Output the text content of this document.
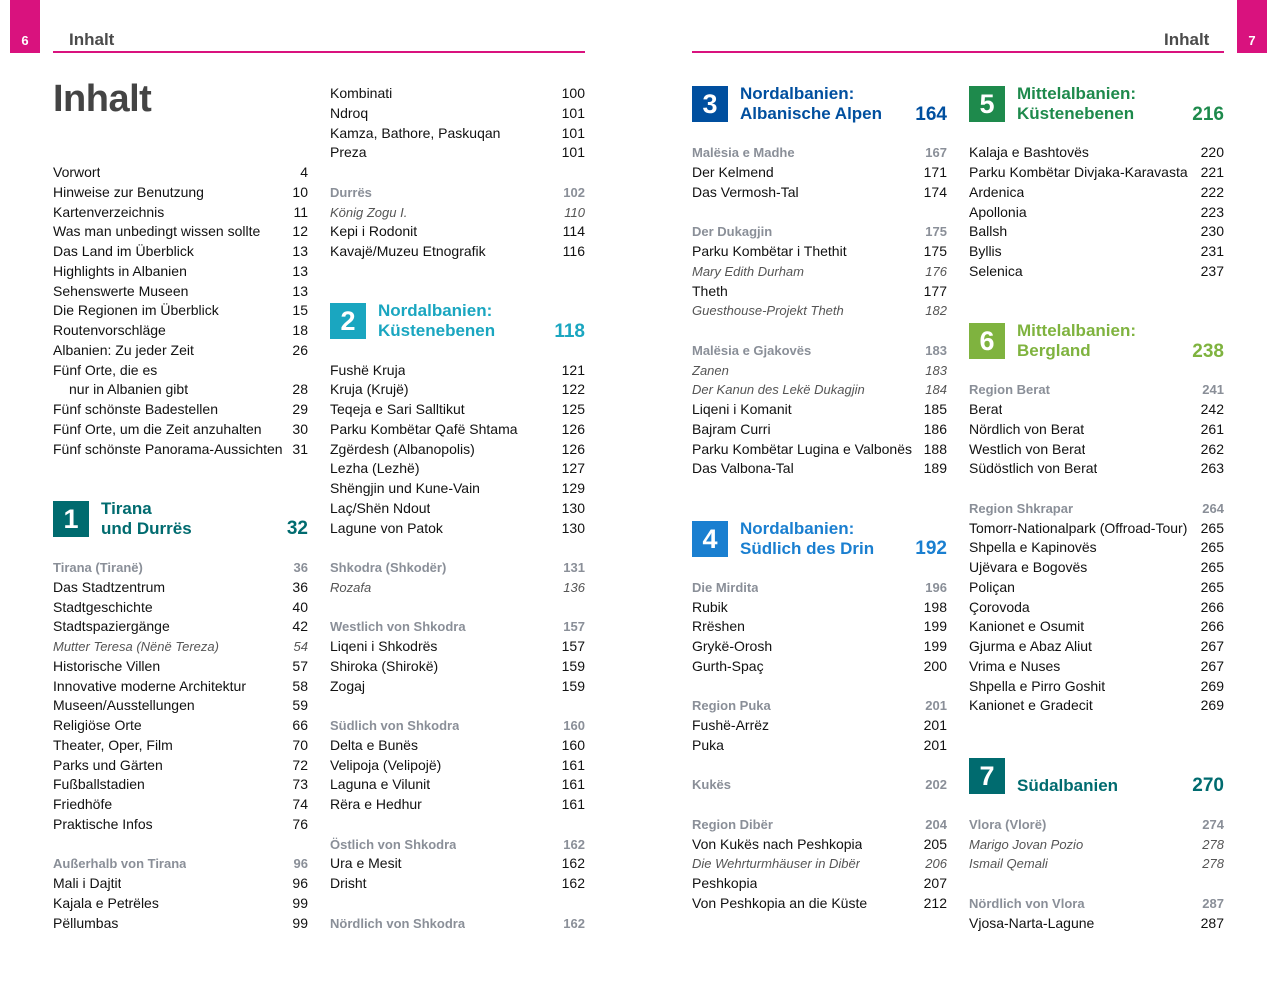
6	Inhalt	7
Inhalt
Inhalt
Vorwort	4
Hinweise zur Benutzung	10
Kartenverzeichnis	11
Was man unbedingt wissen sollte 12
Das Land im Überblick	13
Highlights in Albanien	13
Sehenswerte Museen	13
Die Regionen im Überblick	15
Routenvorschläge	18
Albanien: Zu jeder Zeit	26
Fünf Orte, die es
nur in Albanien gibt	28
Fünf schönste Badestellen	29
Fünf Orte, um die Zeit anzuhalten 30
Fünf schönste Panorama-Aussichten 31
1	Tirana
und Durrës	32
Tirana (Tiranë)	36
Das Stadtzentrum	36
Stadtgeschichte	40
Stadtspaziergänge	42
Mutter Teresa (Nënë Tereza)	54
Historische Villen	57
Innovative moderne Architektur	58
Museen/Ausstellungen	59
Religiöse Orte	66
Theater, Oper, Film	70
Parks und Gärten	72
Fußballstadien	73
Friedhöfe	74
Praktische Infos	76
Außerhalb von Tirana	96
Mali i Dajtit	96
Kajala e Petrëles	99
Pëllumbas	99
Kombinati	100
Ndroq	101
Kamza, Bathore, Paskuqan	101
Preza	101
Durrës	102
König Zogu I.	110
Kepi i Rodonit	114
Kavajë/Muzeu Etnografik	116
2	Nordalbanien:
Küstenebenen	118
Fushë Kruja	121
Kruja (Krujë)	122
Teqeja e Sari Salltikut	125
Parku Kombëtar Qafë Shtama	126
Zgërdesh (Albanopolis)	126
Lezha (Lezhë)	127
Shëngjin und Kune-Vain	129
Laç/Shën Ndout	130
Lagune von Patok	130
Shkodra (Shkodër)	131
Rozafa	136
Westlich von Shkodra	157
Liqeni i Shkodrës	157
Shiroka (Shirokë)	159
Zogaj	159
Südlich von Shkodra	160
Delta e Bunës	160
Velipoja (Velipojë)	161
Laguna e Vilunit	161
Rëra e Hedhur	161
Östlich von Shkodra	162
Ura e Mesit	162
Drisht	162
Nördlich von Shkodra	162
3	Nordalbanien:
Albanische Alpen 164
Malësia e Madhe	167
Der Kelmend	171
Das Vermosh-Tal	174
Der Dukagjin	175
Parku Kombëtar i Thethit	175
Mary Edith Durham	176
Theth	177
Guesthouse-Projekt Theth	182
Malësia e Gjakovës	183
Zanen	183
Der Kanun des Lekë Dukagjin	184
Liqeni i Komanit	185
Bajram Curri	186
Parku Kombëtar Lugina e Valbonës 188
Das Valbona-Tal	189
4	Nordalbanien:
Südlich des Drin 192
Die Mirdita	196
Rubik	198
Rrëshen	199
Grykë-Orosh	199
Gurth-Spaç	200
Region Puka	201
Fushë-Arrëz	201
Puka	201
Kukës	202
Region Dibër	204
Von Kukës nach Peshkopia	205
Die Wehrturmhäuser in Dibër	206
Peshkopia	207
Von Peshkopia an die Küste	212
5	Mittelalbanien:
Küstenebenen	216
Kalaja e Bashtovës	220
Parku Kombëtar Divjaka-Karavasta 221
Ardenica	222
Apollonia	223
Ballsh	230
Byllis	231
Selenica	237
6	Mittelalbanien:
Bergland	238
Region Berat	241
Berat	242
Nördlich von Berat	261
Westlich von Berat	262
Südöstlich von Berat	263
Region Shkrapar	264
Tomorr-Nationalpark (Offroad-Tour) 265
Shpella e Kapinovës	265
Ujëvara e Bogovës	265
Poliçan	265
Çorovoda	266
Kanionet e Osumit	266
Gjurma e Abaz Aliut	267
Vrima e Nuses	267
Shpella e Pirro Goshit	269
Kanionet e Gradecit	269
7	Südalbanien	270
Vlora (Vlorë)	274
Marigo Jovan Pozio	278
Ismail Qemali	278
Nördlich von Vlora	287
Vjosa-Narta-Lagune	287
